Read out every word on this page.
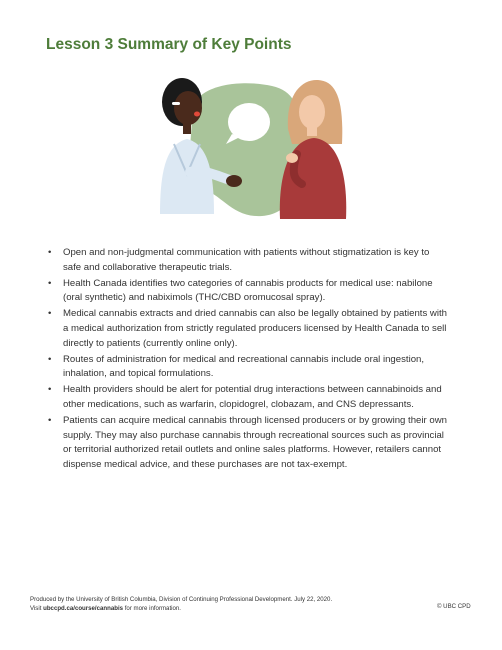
Lesson 3 Summary of Key Points
• Open and non-judgmental communication with patients without stigmatization is key to safe and collaborative therapeutic trials.
• Health Canada identifies two categories of cannabis products for medical use: nabilone (oral synthetic) and nabiximols (THC/CBD oromucosal spray).
• Medical cannabis extracts and dried cannabis can also be legally obtained by patients with a medical authorization from strictly regulated producers licensed by Health Canada to sell directly to patients (currently online only).
• Routes of administration for medical and recreational cannabis include oral ingestion, inhalation, and topical formulations.
• Health providers should be alert for potential drug interactions between cannabinoids and other medications, such as warfarin, clopidogrel, clobazam, and CNS depressants.
• Patients can acquire medical cannabis through licensed producers or by growing their own supply. They may also purchase cannabis through recreational sources such as provincial or territorial authorized retail outlets and online sales platforms. However, retailers cannot dispense medical advice, and these purchases are not tax-exempt.
Produced by the University of British Columbia, Division of Continuing Professional Development. July 22, 2020.
Visit ubccpd.ca/course/cannabis for more information.	© UBC CPD
